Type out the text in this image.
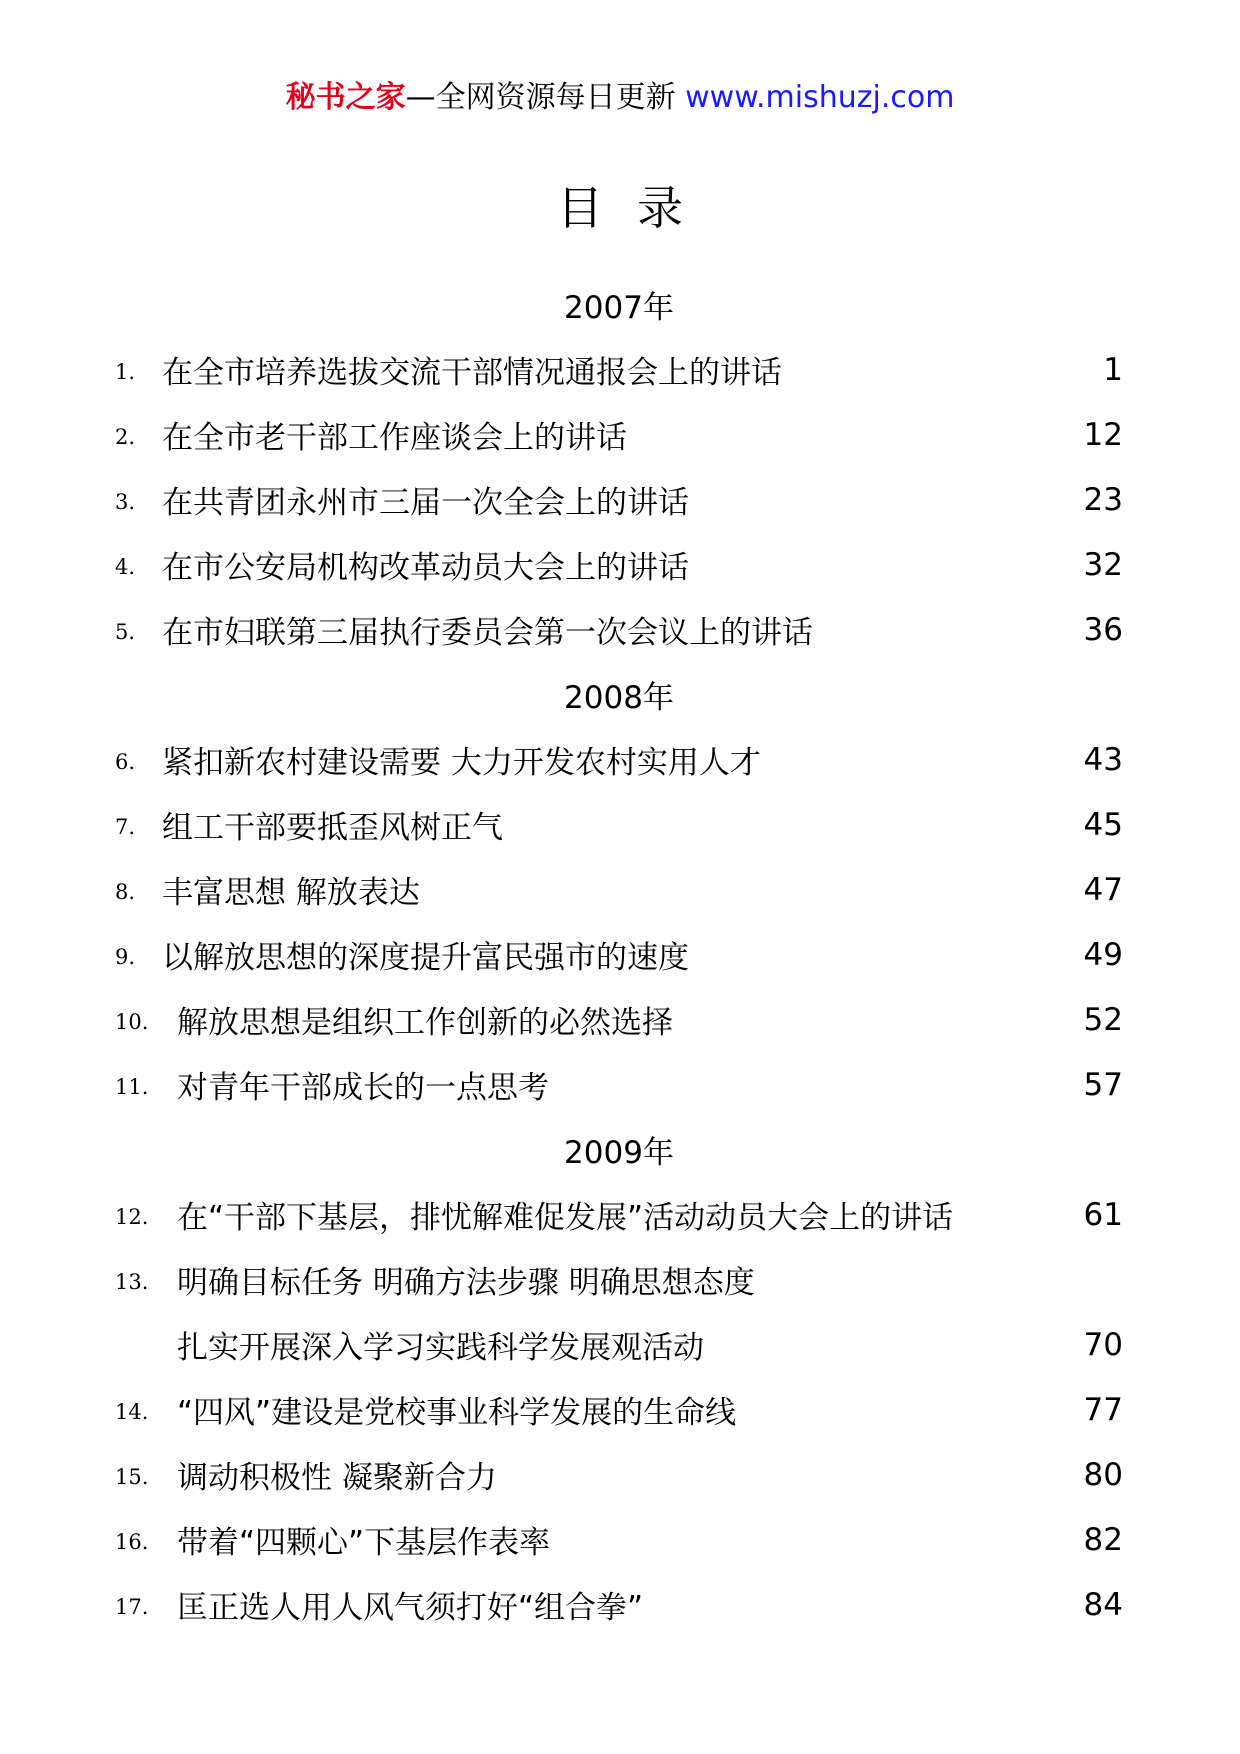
秘书之家—全网资源每日更新 www.mishuzj.com
目录
2007年
1. 在全市培养选拔交流干部情况通报会上的讲话	1
2. 在全市老干部工作座谈会上的讲话	12
3. 在共青团永州市三届一次全会上的讲话	23
4. 在市公安局机构改革动员大会上的讲话	32
5. 在市妇联第三届执行委员会第一次会议上的讲话	36
2008年
6. 紧扣新农村建设需要 大力开发农村实用人才	43
7. 组工干部要抵歪风树正气	45
8. 丰富思想 解放表达	47
9. 以解放思想的深度提升富民强市的速度	49
10. 解放思想是组织工作创新的必然选择	52
11. 对青年干部成长的一点思考	57
2009年
12. 在“干部下基层，排忧解难促发展”活动动员大会上的讲话	61
13. 明确目标任务 明确方法步骤 明确思想态度
扎实开展深入学习实践科学发展观活动	70
14. “四风”建设是党校事业科学发展的生命线	77
15. 调动积极性 凝聚新合力	80
16. 带着“四颗心”下基层作表率	82
17. 匡正选人用人风气须打好“组合拳”	84
